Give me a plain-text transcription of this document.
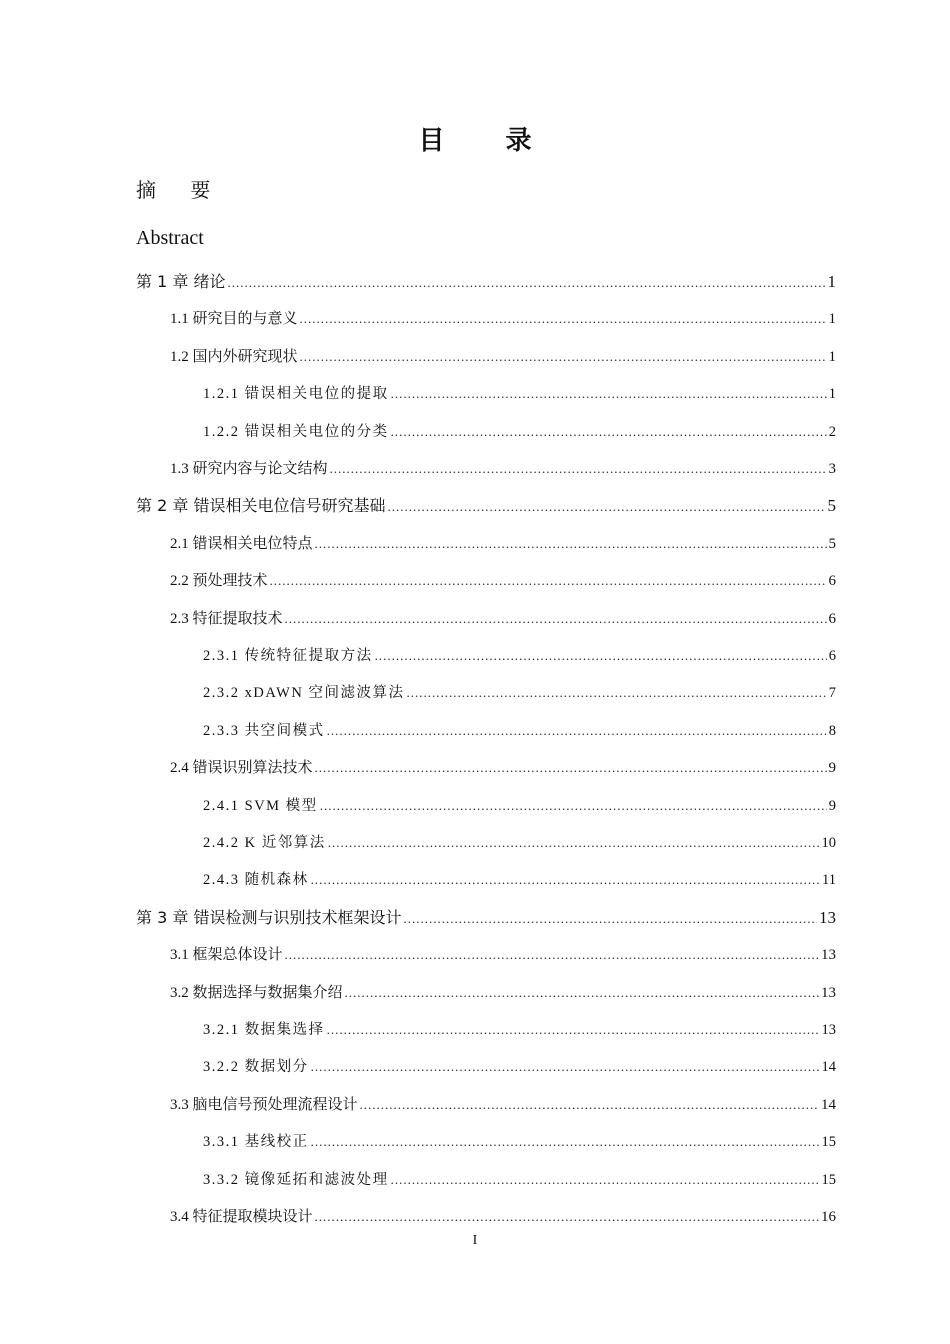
目 录
摘 要
Abstract
第 1 章 绪论 .....	1
1.1 研究目的与意义 .....	1
1.2 国内外研究现状 .....	1
1.2.1 错误相关电位的提取 .....	1
1.2.2 错误相关电位的分类 .....	2
1.3 研究内容与论文结构 .....	3
第 2 章 错误相关电位信号研究基础 .....	5
2.1 错误相关电位特点 .....	5
2.2 预处理技术 .....	6
2.3 特征提取技术 .....	6
2.3.1 传统特征提取方法 .....	6
2.3.2 xDAWN 空间滤波算法 .....	7
2.3.3 共空间模式 .....	8
2.4 错误识别算法技术 .....	9
2.4.1 SVM 模型 .....	9
2.4.2 K 近邻算法 .....	10
2.4.3 随机森林 .....	11
第 3 章 错误检测与识别技术框架设计 .....	13
3.1 框架总体设计 .....	13
3.2 数据选择与数据集介绍 .....	13
3.2.1 数据集选择 .....	13
3.2.2 数据划分 .....	14
3.3 脑电信号预处理流程设计 .....	14
3.3.1 基线校正 .....	15
3.3.2 镜像延拓和滤波处理 .....	15
3.4 特征提取模块设计 .....	16
I
